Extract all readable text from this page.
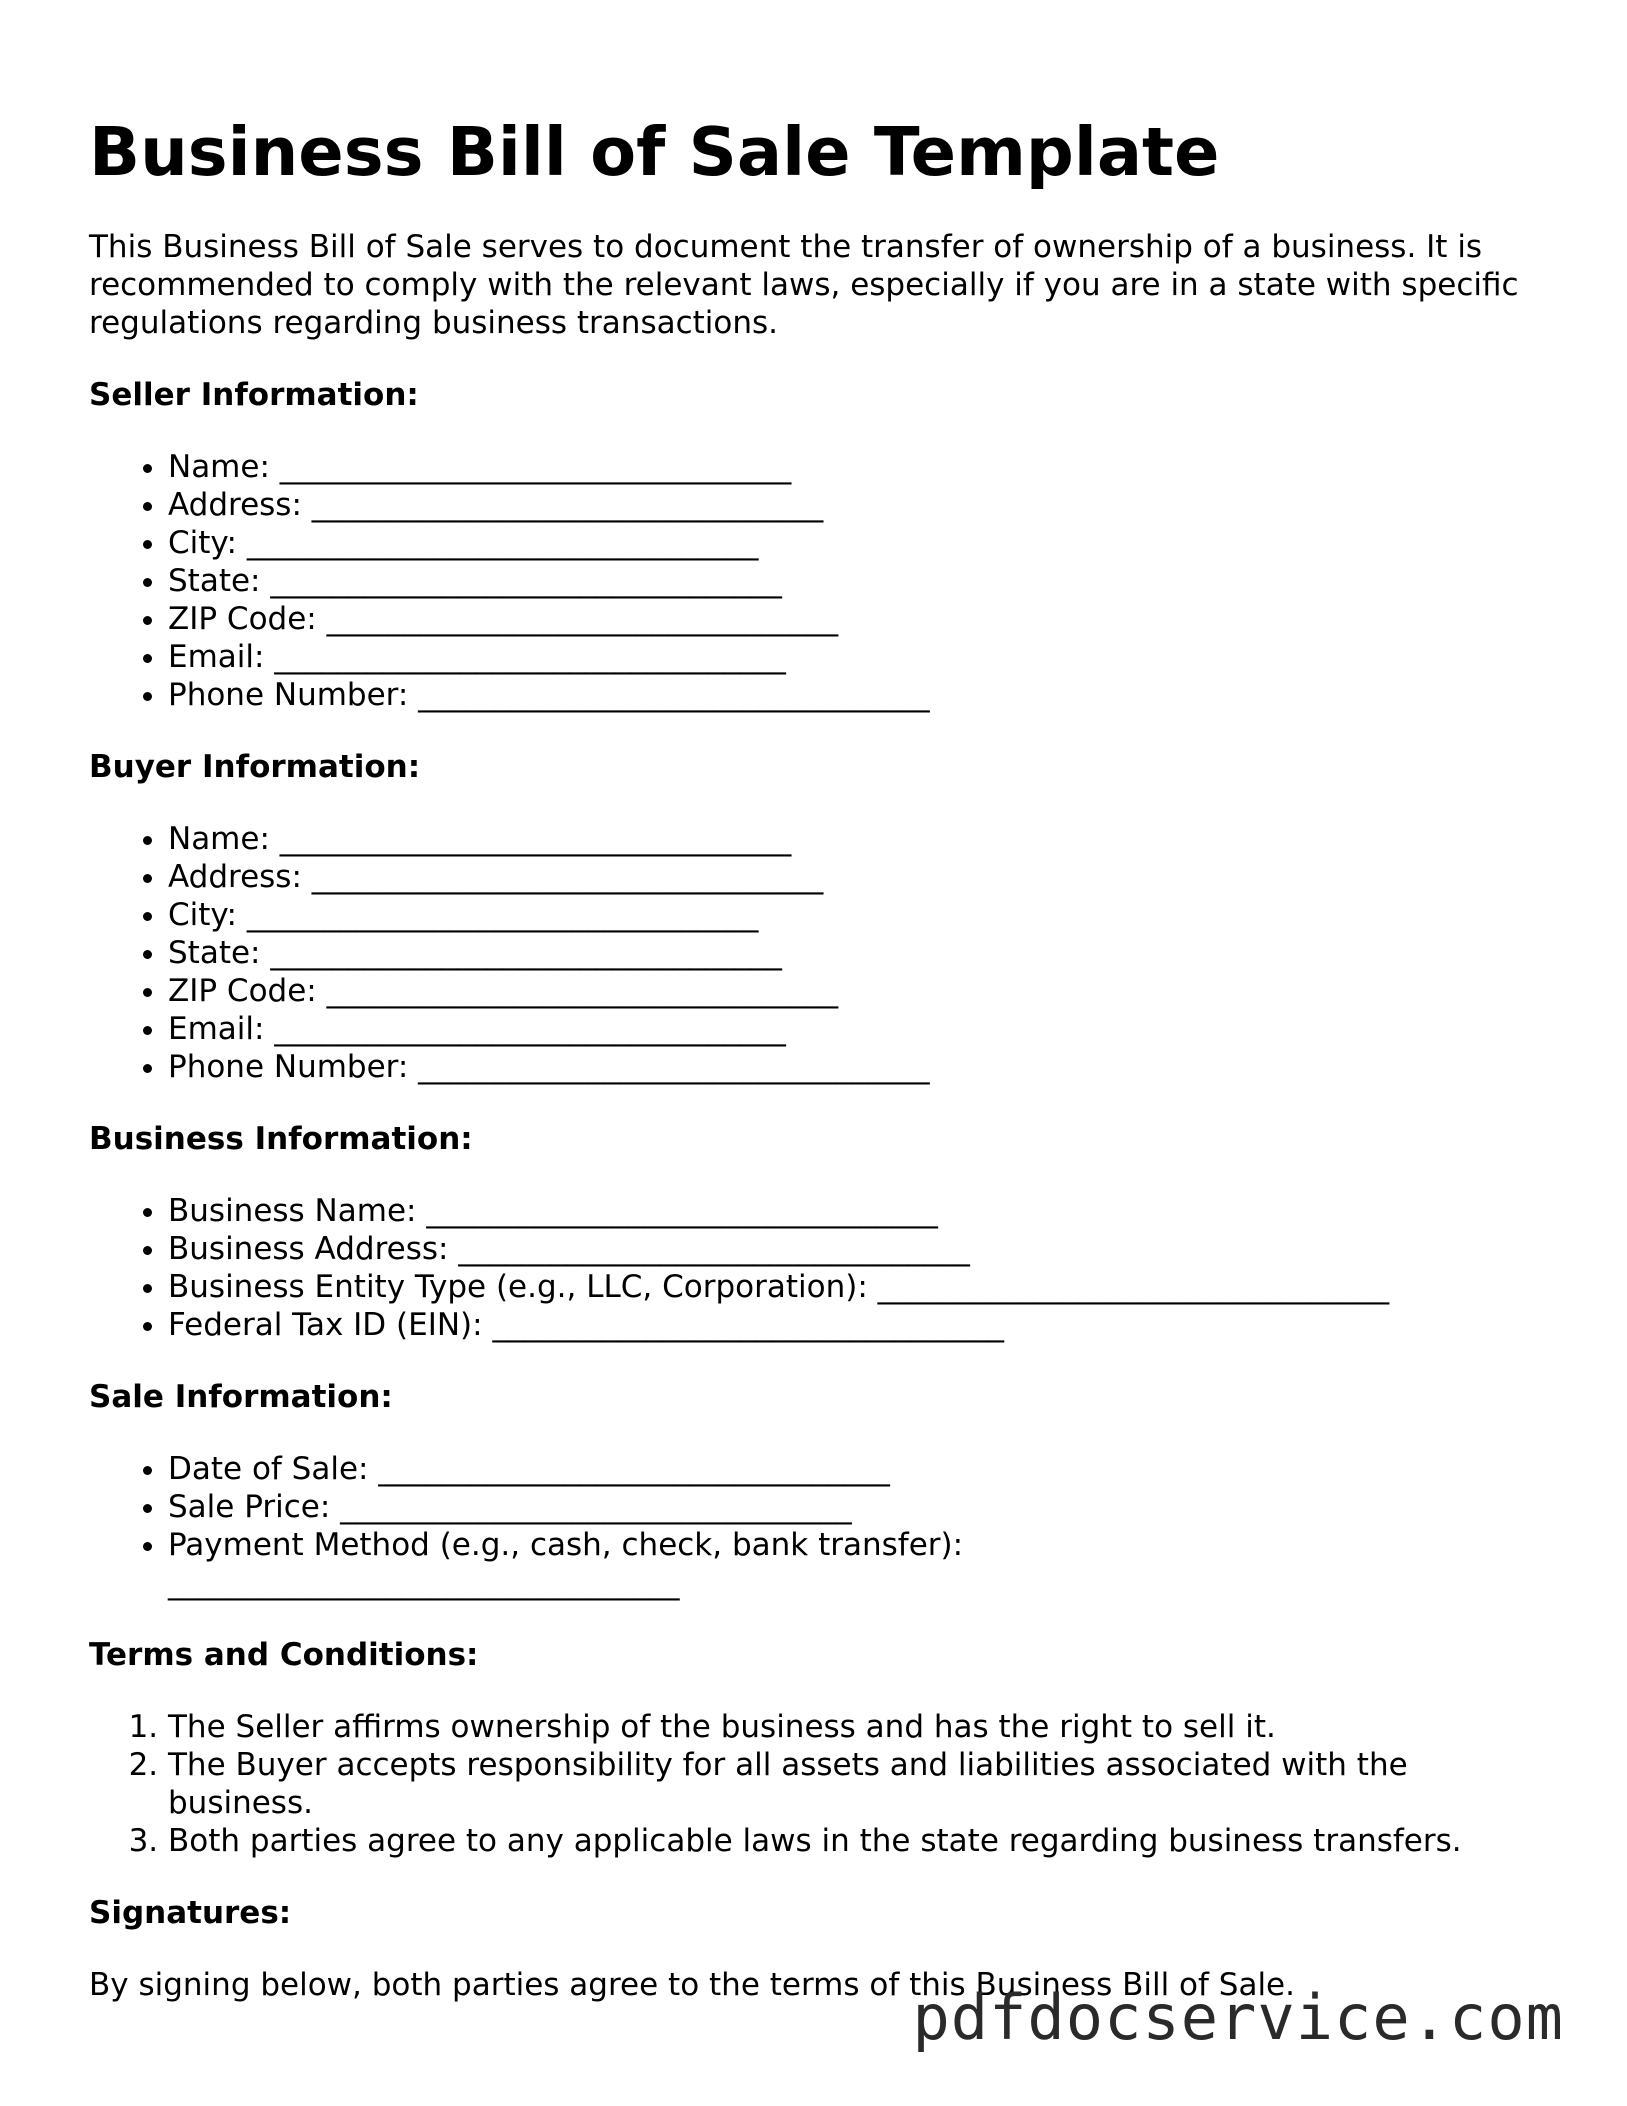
Business Bill of Sale Template

This Business Bill of Sale serves to document the transfer of ownership of a business. It is recommended to comply with the relevant laws, especially if you are in a state with specific regulations regarding business transactions.

Seller Information:
• Name: _________________________________
• Address: _________________________________
• City: _________________________________
• State: _________________________________
• ZIP Code: _________________________________
• Email: _________________________________
• Phone Number: _________________________________
Buyer Information:
• Name: _________________________________
• Address: _________________________________
• City: _________________________________
• State: _________________________________
• ZIP Code: _________________________________
• Email: _________________________________
• Phone Number: _________________________________
Business Information:
• Business Name: _________________________________
• Business Address: _________________________________
• Business Entity Type (e.g., LLC, Corporation): _________________________________
• Federal Tax ID (EIN): _________________________________
Sale Information:
• Date of Sale: _________________________________
• Sale Price: _________________________________
• Payment Method (e.g., cash, check, bank transfer):
_________________________________
Terms and Conditions:
1. The Seller affirms ownership of the business and has the right to sell it.
2. The Buyer accepts responsibility for all assets and liabilities associated with the business.
3. Both parties agree to any applicable laws in the state regarding business transfers.
Signatures:

By signing below, both parties agree to the terms of this Business Bill of Sale.

pdfdocservice.com
